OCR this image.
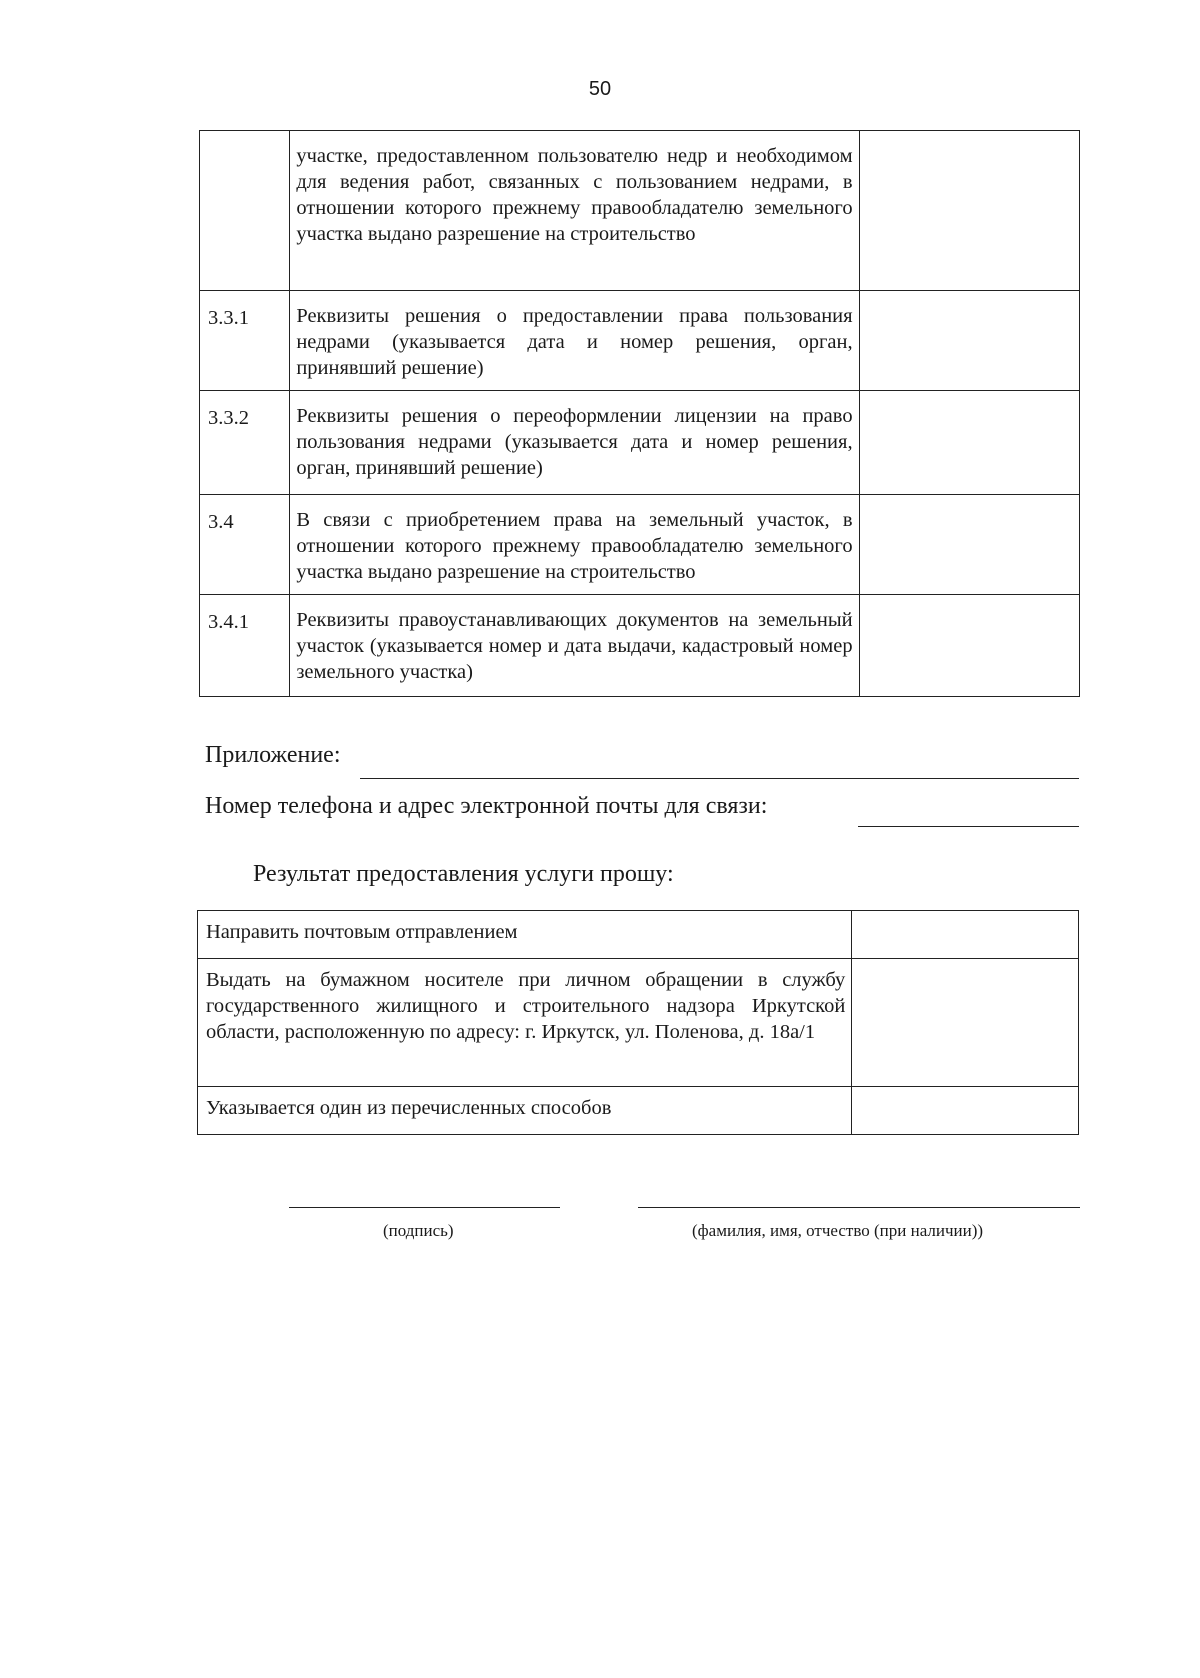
50
	участке, предоставленном пользователю недр и необходимом для ведения работ, связанных с пользованием недрами, в отношении которого прежнему правообладателю земельного участка выдано разрешение на строительство	
3.3.1	Реквизиты решения о предоставлении права пользования недрами (указывается дата и номер решения, орган, принявший решение)	
3.3.2	Реквизиты решения о переоформлении лицензии на право пользования недрами (указывается дата и номер решения, орган, принявший решение)	
3.4	В связи с приобретением права на земельный участок, в отношении которого прежнему правообладателю земельного участка выдано разрешение на строительство	
3.4.1	Реквизиты правоустанавливающих документов на земельный участок (указывается номер и дата выдачи, кадастровый номер земельного участка)	
Приложение:
Номер телефона и адрес электронной почты для связи:
Результат предоставления услуги прошу:
Направить почтовым отправлением	
Выдать на бумажном носителе при личном обращении в службу государственного жилищного и строительного надзора Иркутской области, расположенную по адресу: г. Иркутск, ул. Поленова, д. 18а/1	
Указывается один из перечисленных способов	
(подпись)	(фамилия, имя, отчество (при наличии))
